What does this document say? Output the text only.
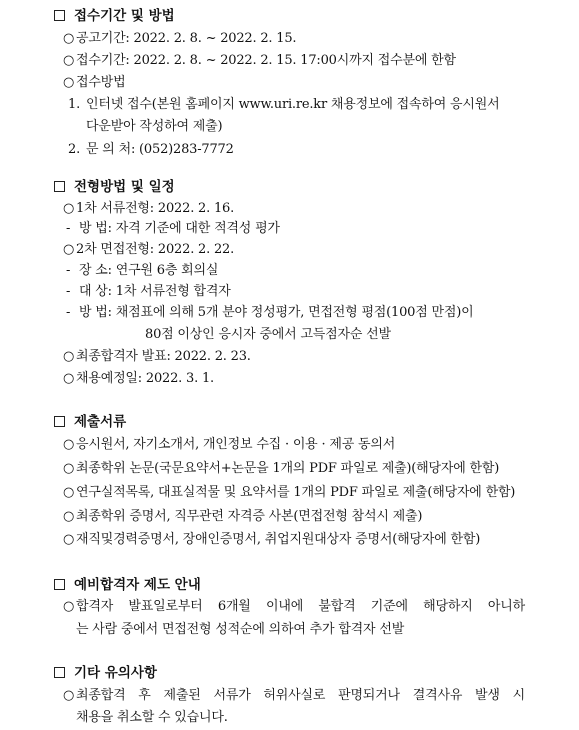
접수기간 및 방법
○ 공고기간: 2022. 2. 8. ~ 2022. 2. 15.
○ 접수기간: 2022. 2. 8. ~ 2022. 2. 15. 17:00시까지 접수분에 한함
○ 접수방법
1. 인터넷 접수(본원 홈페이지 www.uri.re.kr 채용정보에 접속하여 응시원서
다운받아 작성하여 제출)
2. 문 의 처: (052)283-7772
전형방법 및 일정
○ 1차 서류전형: 2022. 2. 16.
- 방 법: 자격 기준에 대한 적격성 평가
○ 2차 면접전형: 2022. 2. 22.
- 장 소: 연구원 6층 회의실
- 대 상: 1차 서류전형 합격자
- 방 법: 채점표에 의해 5개 분야 정성평가, 면접전형 평점(100점 만점)이
80점 이상인 응시자 중에서 고득점자순 선발
○ 최종합격자 발표: 2022. 2. 23.
○ 채용예정일: 2022. 3. 1.
제출서류
○ 응시원서, 자기소개서, 개인정보 수집 · 이용 · 제공 동의서
○ 최종학위 논문(국문요약서+논문을 1개의 PDF 파일로 제출)(해당자에 한함)
○ 연구실적목록, 대표실적물 및 요약서를 1개의 PDF 파일로 제출(해당자에 한함)
○ 최종학위 증명서, 직무관련 자격증 사본(면접전형 참석시 제출)
○ 재직및경력증명서, 장애인증명서, 취업지원대상자 증명서(해당자에 한함)
예비합격자 제도 안내
○ 합격자 발표일로부터 6개월 이내에 불합격 기준에 해당하지 아니하
는 사람 중에서 면접전형 성적순에 의하여 추가 합격자 선발
기타 유의사항
○ 최종합격 후 제출된 서류가 허위사실로 판명되거나 결격사유 발생 시
채용을 취소할 수 있습니다.
